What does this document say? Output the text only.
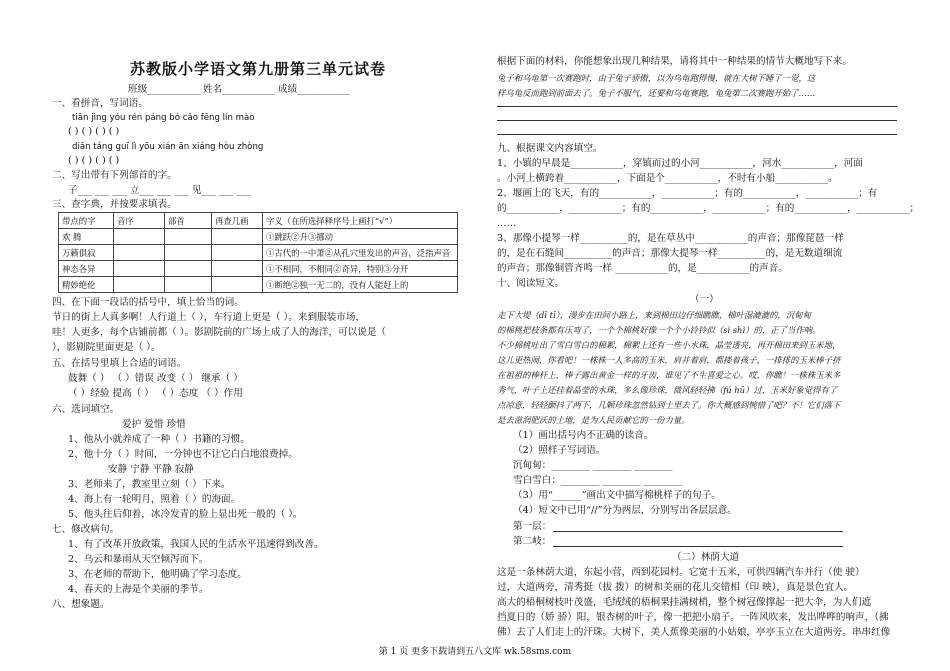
苏教版小学语文第九册第三单元试卷
班级___________ 姓名___________ 成绩___________
一、看拼音，写词语。
tiān jìng yóu rén páng bó cǎo fēng lín mào
( ) ( ) ( ) ( )
diǎn táng guī lì yōu xián ān xiáng hòu zhòng
( ) ( ) ( ) ( )
二、写出带有下列部首的字。
子___ ___ ___ 立___ ___ ___ 见___ ___ ___
三、查字典，并按要求填表。
带点的字	音序	部首	再查几画	字义（在所选择释序号上画打“√”）
欢 腾				①跳跃②升③挪动
万籁俱寂				①古代的一中萧②从孔穴里发出的声音，泛指声音
神态各异				①不相同，不相同②奇异，特别③分开
精妙绝伦				①断绝②独一无二的，没有人能赶上的
四、在下面一段话的括号中，填上恰当的词。
节日的街上人真多啊！人行道上（ ），车行道上更是（ ）。来到服装市场，
哇！人更多，每个店铺前都（ ）。影剧院前的广场上成了人的海洋，可以说是（
），影剧院里面更是（ ）。
五、在括号里填上合适的词语。
鼓舞（ ） （ ）错误 改变（ ） 继承（ ）
（ ）经验 提高（ ） （ ）态度 （ ）作用
六、选词填空。
爱护 爱惜 珍惜
1、他从小就养成了一种（ ）书籍的习惯。
2、他十分（ ）时间，一分钟也不让它白白地浪费掉。
安静 宁静 平静 寂静
3、老师来了，教室里立刻（ ）下来。
4、海上有一轮明月，照着（ ）的海面。
5、他头往后仰着，冰冷发青的脸上显出死一般的（ ）。
七、修改病句。
1、有了改革开放政策，我国人民的生活水平迅速得到改善。
2、乌云和暴雨从天空倾泻而下。
3、在老师的帮助下，他明确了学习态度。
4、春天的上海是个美丽的季节。
八、想象题。
根据下面的材料，你能想象出现几种结果，请将其中一种结果的情节大概地写下来。
兔子和乌龟第一次赛跑时，由于兔子骄傲，以为乌龟跑得慢，就在大树下睡了一觉，这
样乌龟反而跑到前面去了。兔子不服气，还要和乌龟赛跑，龟兔第二次赛跑开始了……
九、根据课文内容填空。
1、小镇的早晨是___________，穿镇而过的小河___________，河水___________，河面
。小河上横跨着___________，下面是个___________，不时有小船___________。
2、堰画上的飞天，有的___________，___________；有的___________，___________；有
的___________，___________；有的___________，___________；有的___________，___________；
……
3、那像小提琴一样__________的，是在草丛中___________的声音；那像琵琶一样
的，是在石缝间__________的声音；那像大提琴一样__________的，是无数道细流
的声音；那像铜管齐鸣一样 ___________的，是___________的声音。
十、阅读短文。
（一）
走下大堤（dī tī），漫步在田间小路上，来到棉田边仔细瞧瞧，棉叶湿漉漉的，沉甸甸
的棉桃把枝条都有压弯了，一个个棉桃好像一个个小铃铃似（sì shì）的，正了当作响。
不少棉桃吐出了雪白雪白的棉絮，棉絮上还有一些小水珠，晶莹透亮，再开棉田来到玉米地，
这儿更热闹，你看吧！一株株一人多高的玉米，肩并着肩，都搂着孩子，一排排的玉米棒子挤
在祖祖的棒杆上，棒子露出黄金一样的牙齿，谁见了不生喜爱之心。哎，你瞧！一株株玉米多
秀气，叶子上还挂着晶莹的水珠，多么像珍珠，微风轻轻拂（fú hū）过，玉米好象觉得有了
点凉意，轻轻颤抖了两下，几颗珍珠忽然钻到土里去了。你大概感到惋惜了吧？不！它们落下
是去滋润肥沃的土地，是为人民贡献它的一份力量。
（1）画出括号内不正确的读音。
（2）照样子写词语。
沉甸甸：________ ________ ________
雪白雪白：________ ________ ________
（3）用“______”画出文中描写棉桃样子的句子。
（4）短文中已用“//”分为两层，分别写出各层层意。
第一层：
第二岐：
（二）林荫大道
这是一条林荫大道，东起小营，西到花园村。它宽十五米，可供四辆汽车并行（使 驶）
过，大道两旁，清秀挺（拔 拨）的树和美丽的花儿交错相（印 映），真是景色宜人。
高大的梧桐树枝叶茂盛，毛绒绒的梧桐果挂满树梢，整个树冠像撑起一把大伞，为人们遮
挡夏日的（娇 骄）阳，银杏树的叶子，像一把把小扇子。一阵风吹来，发出哗哗的响声，（拂
佛）去了人们走上的汗珠。大树下，美人蕉像美丽的小姑娘，亭亭玉立在大道两旁。串串红像
第 1 页 更多下载请到五八文库 wk.58sms.com
